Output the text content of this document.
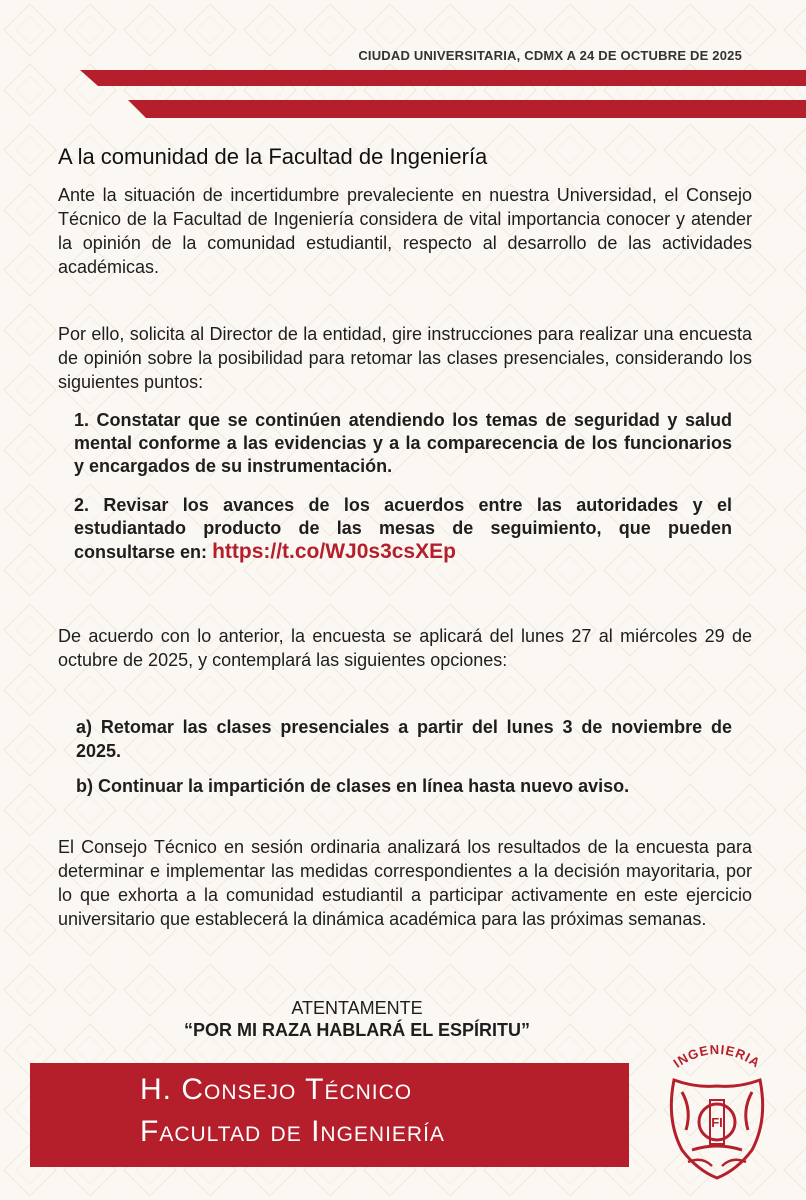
CIUDAD UNIVERSITARIA, CDMX A 24 DE OCTUBRE DE 2025
A la comunidad de la Facultad de Ingeniería

Ante la situación de incertidumbre prevaleciente en nuestra Universidad, el Consejo Técnico de la Facultad de Ingeniería considera de vital importancia conocer y atender la opinión de la comunidad estudiantil, respecto al desarrollo de las actividades académicas.

Por ello, solicita al Director de la entidad, gire instrucciones para realizar una encuesta de opinión sobre la posibilidad para retomar las clases presenciales, considerando los siguientes puntos:

1. Constatar que se continúen atendiendo los temas de seguridad y salud mental conforme a las evidencias y a la comparecencia de los funcionarios y encargados de su instrumentación.
2. Revisar los avances de los acuerdos entre las autoridades y el estudiantado producto de las mesas de seguimiento, que pueden consultarse en: https://t.co/WJ0s3csXEp

De acuerdo con lo anterior, la encuesta se aplicará del lunes 27 al miércoles 29 de octubre de 2025, y contemplará las siguientes opciones:

a) Retomar las clases presenciales a partir del lunes 3 de noviembre de 2025.
b) Continuar la impartición de clases en línea hasta nuevo aviso.

El Consejo Técnico en sesión ordinaria analizará los resultados de la encuesta para determinar e implementar las medidas correspondientes a la decisión mayoritaria, por lo que exhorta a la comunidad estudiantil a participar activamente en este ejercicio universitario que establecerá la dinámica académica para las próximas semanas.

ATENTAMENTE
“POR MI RAZA HABLARÁ EL ESPÍRITU”
H. Consejo Técnico
Facultad de Ingeniería
INGENIERIA
FI
